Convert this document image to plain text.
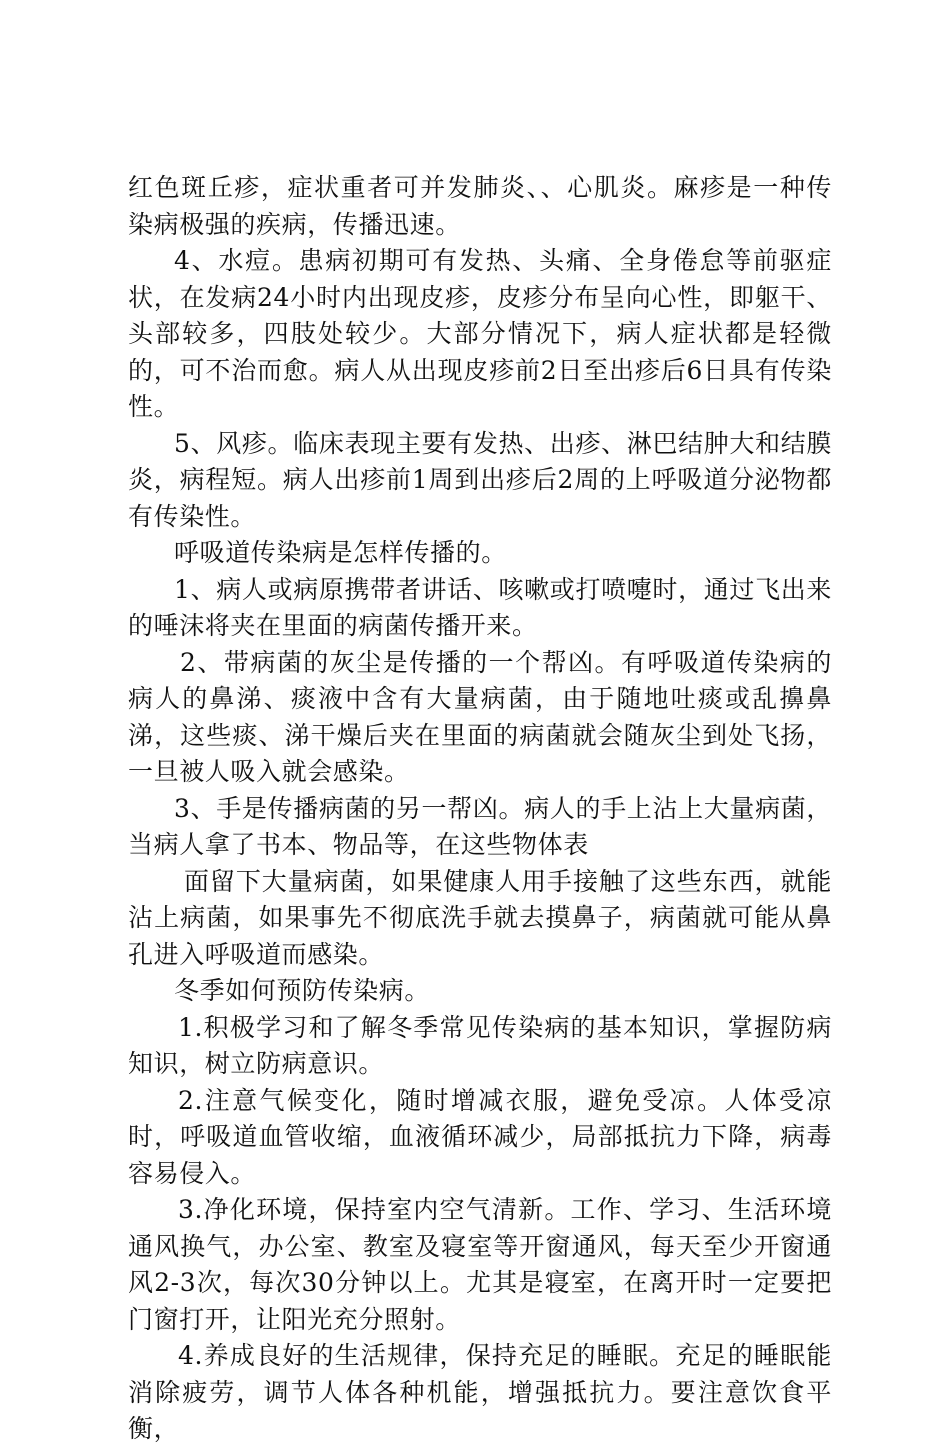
红色斑丘疹，症状重者可并发肺炎、、心肌炎。麻疹是一种传染病极强的疾病，传播迅速。

4、水痘。患病初期可有发热、头痛、全身倦怠等前驱症状，在发病24小时内出现皮疹，皮疹分布呈向心性，即躯干、头部较多，四肢处较少。大部分情况下，病人症状都是轻微的，可不治而愈。病人从出现皮疹前2日至出疹后6日具有传染性。

5、风疹。临床表现主要有发热、出疹、淋巴结肿大和结膜炎，病程短。病人出疹前1周到出疹后2周的上呼吸道分泌物都有传染性。

呼吸道传染病是怎样传播的。

1、病人或病原携带者讲话、咳嗽或打喷嚏时，通过飞出来的唾沫将夹在里面的病菌传播开来。

2、带病菌的灰尘是传播的一个帮凶。有呼吸道传染病的病人的鼻涕、痰液中含有大量病菌，由于随地吐痰或乱擤鼻涕，这些痰、涕干燥后夹在里面的病菌就会随灰尘到处飞扬，一旦被人吸入就会感染。

3、手是传播病菌的另一帮凶。病人的手上沾上大量病菌，当病人拿了书本、物品等，在这些物体表

面留下大量病菌，如果健康人用手接触了这些东西，就能沾上病菌，如果事先不彻底洗手就去摸鼻子，病菌就可能从鼻孔进入呼吸道而感染。

冬季如何预防传染病。

1.积极学习和了解冬季常见传染病的基本知识，掌握防病知识，树立防病意识。

2.注意气候变化，随时增减衣服，避免受凉。人体受凉时，呼吸道血管收缩，血液循环减少，局部抵抗力下降，病毒容易侵入。

3.净化环境，保持室内空气清新。工作、学习、生活环境通风换气，办公室、教室及寝室等开窗通风，每天至少开窗通风2-3次，每次30分钟以上。尤其是寝室，在离开时一定要把门窗打开，让阳光充分照射。

4.养成良好的生活规律，保持充足的睡眠。充足的睡眠能消除疲劳，调节人体各种机能，增强抵抗力。要注意饮食平衡，
